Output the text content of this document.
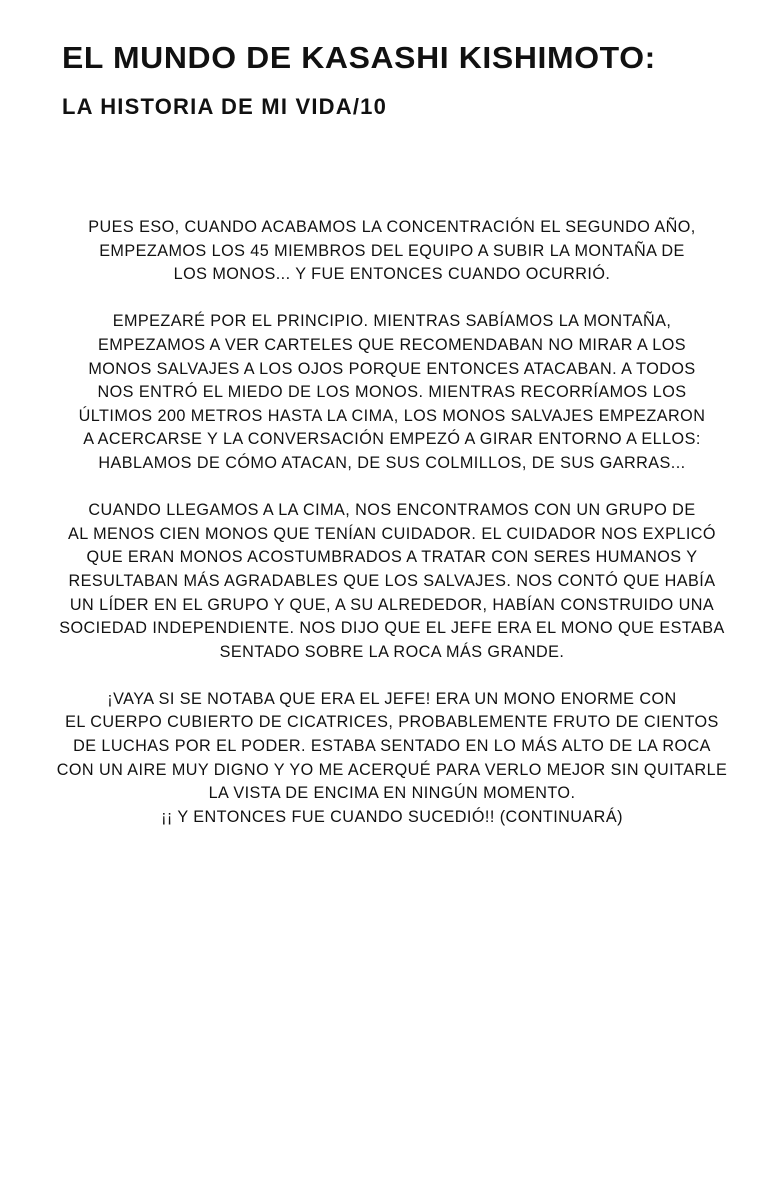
EL MUNDO DE KASASHI KISHIMOTO:
LA HISTORIA DE MI VIDA/10

PUES ESO, CUANDO ACABAMOS LA CONCENTRACIÓN EL SEGUNDO AÑO,
EMPEZAMOS LOS 45 MIEMBROS DEL EQUIPO A SUBIR LA MONTAÑA DE
LOS MONOS... Y FUE ENTONCES CUANDO OCURRIÓ.

EMPEZARÉ POR EL PRINCIPIO. MIENTRAS SABÍAMOS LA MONTAÑA,
EMPEZAMOS A VER CARTELES QUE RECOMENDABAN NO MIRAR A LOS
MONOS SALVAJES A LOS OJOS PORQUE ENTONCES ATACABAN. A TODOS
NOS ENTRÓ EL MIEDO DE LOS MONOS. MIENTRAS RECORRÍAMOS LOS
ÚLTIMOS 200 METROS HASTA LA CIMA, LOS MONOS SALVAJES EMPEZARON
A ACERCARSE Y LA CONVERSACIÓN EMPEZÓ A GIRAR ENTORNO A ELLOS:
HABLAMOS DE CÓMO ATACAN, DE SUS COLMILLOS, DE SUS GARRAS...

CUANDO LLEGAMOS A LA CIMA, NOS ENCONTRAMOS CON UN GRUPO DE
AL MENOS CIEN MONOS QUE TENÍAN CUIDADOR. EL CUIDADOR NOS EXPLICÓ
QUE ERAN MONOS ACOSTUMBRADOS A TRATAR CON SERES HUMANOS Y
RESULTABAN MÁS AGRADABLES QUE LOS SALVAJES. NOS CONTÓ QUE HABÍA
UN LÍDER EN EL GRUPO Y QUE, A SU ALREDEDOR, HABÍAN CONSTRUIDO UNA
SOCIEDAD INDEPENDIENTE. NOS DIJO QUE EL JEFE ERA EL MONO QUE ESTABA
SENTADO SOBRE LA ROCA MÁS GRANDE.

¡VAYA SI SE NOTABA QUE ERA EL JEFE! ERA UN MONO ENORME CON
EL CUERPO CUBIERTO DE CICATRICES, PROBABLEMENTE FRUTO DE CIENTOS
DE LUCHAS POR EL PODER. ESTABA SENTADO EN LO MÁS ALTO DE LA ROCA
CON UN AIRE MUY DIGNO Y YO ME ACERQUÉ PARA VERLO MEJOR SIN QUITARLE
LA VISTA DE ENCIMA EN NINGÚN MOMENTO.
¡¡ Y ENTONCES FUE CUANDO SUCEDIÓ!! (CONTINUARÁ)
